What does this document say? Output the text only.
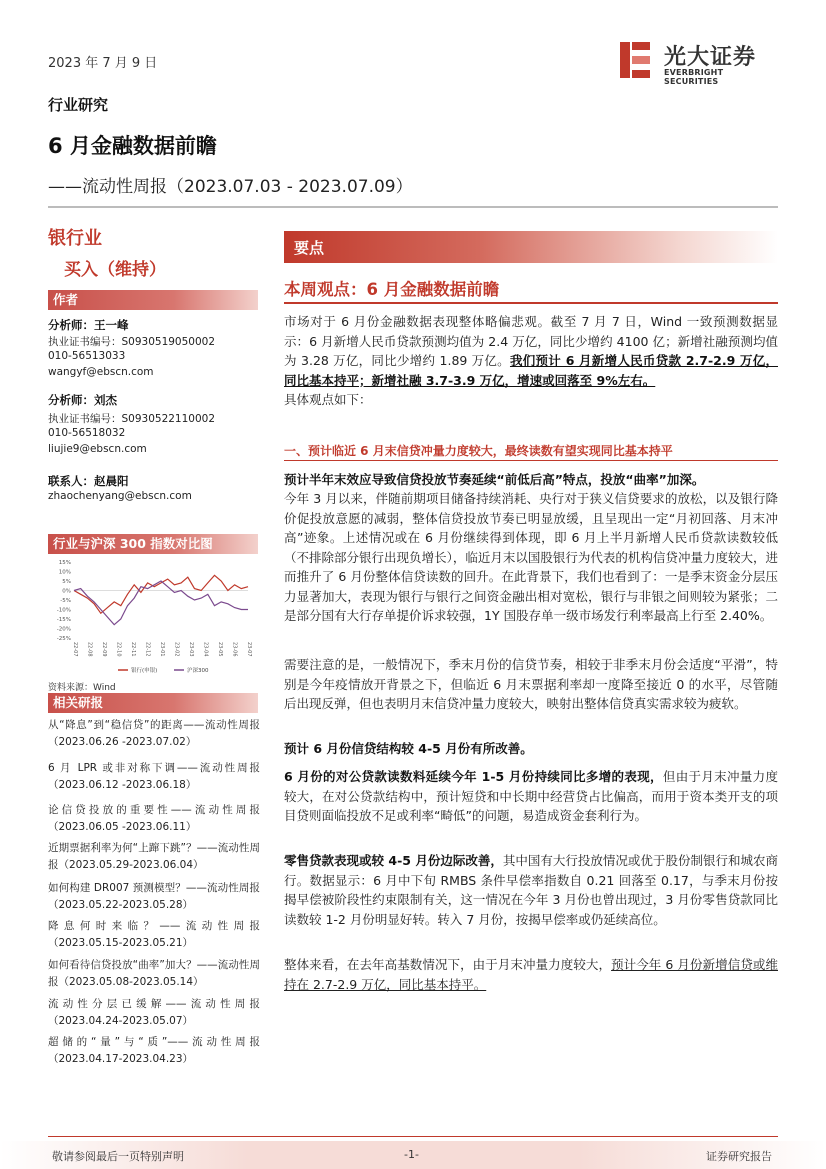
2023 年 7 月 9 日	光大证券
EVERBRIGHT SECURITIES
行业研究
6 月金融数据前瞻
——流动性周报（2023.07.03 - 2023.07.09）
银行业
买入（维持）
作者
分析师：王一峰
执业证书编号：S0930519050002
010-56513033
wangyf@ebscn.com
分析师：刘杰
执业证书编号：S0930522110002
010-56518032
liujie9@ebscn.com
联系人：赵晨阳
zhaochenyang@ebscn.com
行业与沪深 300 指数对比图
15%
10%
5%
0%
-5%
-10%
-15%
-20%
-25%
22-07 22-08 22-09 22-10 22-11 22-12 23-01 23-02 23-03 23-04 23-05 23-06 23-07
银行(申银)	沪深300
资料来源：Wind
相关研报
从“降息”到“稳信贷”的距离——流动性周报（2023.06.26 -2023.07.02）
6 月 LPR 或非对称下调——流动性周报（2023.06.12 -2023.06.18）
论信贷投放的重要性——流动性周报（2023.06.05 -2023.06.11）
近期票据利率为何“上蹿下跳”？——流动性周报（2023.05.29-2023.06.04）
如何构建 DR007 预测模型？——流动性周报（2023.05.22-2023.05.28）
降息何时来临？——流动性周报（2023.05.15-2023.05.21）
如何看待信贷投放“曲率”加大？——流动性周报（2023.05.08-2023.05.14）
流动性分层已缓解——流动性周报（2023.04.24-2023.05.07）
超储的“量”与“质”——流动性周报（2023.04.17-2023.04.23）
要点
本周观点：6 月金融数据前瞻
市场对于 6 月份金融数据表现整体略偏悲观。截至 7 月 7 日，Wind 一致预测数据显示：6 月新增人民币贷款预测均值为 2.4 万亿，同比少增约 4100 亿；新增社融预测均值为 3.28 万亿，同比少增约 1.89 万亿。我们预计 6 月新增人民币贷款 2.7-2.9 万亿，同比基本持平；新增社融 3.7-3.9 万亿，增速或回落至 9%左右。
具体观点如下：
一、预计临近 6 月末信贷冲量力度较大，最终读数有望实现同比基本持平
预计半年末效应导致信贷投放节奏延续“前低后高”特点，投放“曲率”加深。
今年 3 月以来，伴随前期项目储备持续消耗、央行对于狭义信贷要求的放松，以及银行降价促投放意愿的减弱，整体信贷投放节奏已明显放缓，且呈现出一定“月初回落、月末冲高”迹象。上述情况或在 6 月份继续得到体现，即 6 月上半月新增人民币贷款读数较低（不排除部分银行出现负增长），临近月末以国股银行为代表的机构信贷冲量力度较大，进而推升了 6 月份整体信贷读数的回升。在此背景下，我们也看到了：一是季末资金分层压力显著加大，表现为银行与银行之间资金融出相对宽松，银行与非银之间则较为紧张；二是部分国有大行存单提价诉求较强，1Y 国股存单一级市场发行利率最高上行至 2.40%。
需要注意的是，一般情况下，季末月份的信贷节奏，相较于非季末月份会适度“平滑”，特别是今年疫情放开背景之下，但临近 6 月末票据利率却一度降至接近 0 的水平，尽管随后出现反弹，但也表明月末信贷冲量力度较大，映射出整体信贷真实需求较为疲软。
预计 6 月份信贷结构较 4-5 月份有所改善。
6 月份的对公贷款读数料延续今年 1-5 月份持续同比多增的表现，但由于月末冲量力度较大，在对公贷款结构中，预计短贷和中长期中经营贷占比偏高，而用于资本类开支的项目贷则面临投放不足或利率“畸低”的问题，易造成资金套利行为。
零售贷款表现或较 4-5 月份边际改善，其中国有大行投放情况或优于股份制银行和城农商行。数据显示：6 月中下旬 RMBS 条件早偿率指数自 0.21 回落至 0.17，与季末月份按揭早偿被阶段性约束限制有关，这一情况在今年 3 月份也曾出现过，3 月份零售贷款同比读数较 1-2 月份明显好转。转入 7 月份，按揭早偿率或仍延续高位。
整体来看，在去年高基数情况下，由于月末冲量力度较大，预计今年 6 月份新增信贷或维持在 2.7-2.9 万亿，同比基本持平。
敬请参阅最后一页特别声明	-1-	证券研究报告
